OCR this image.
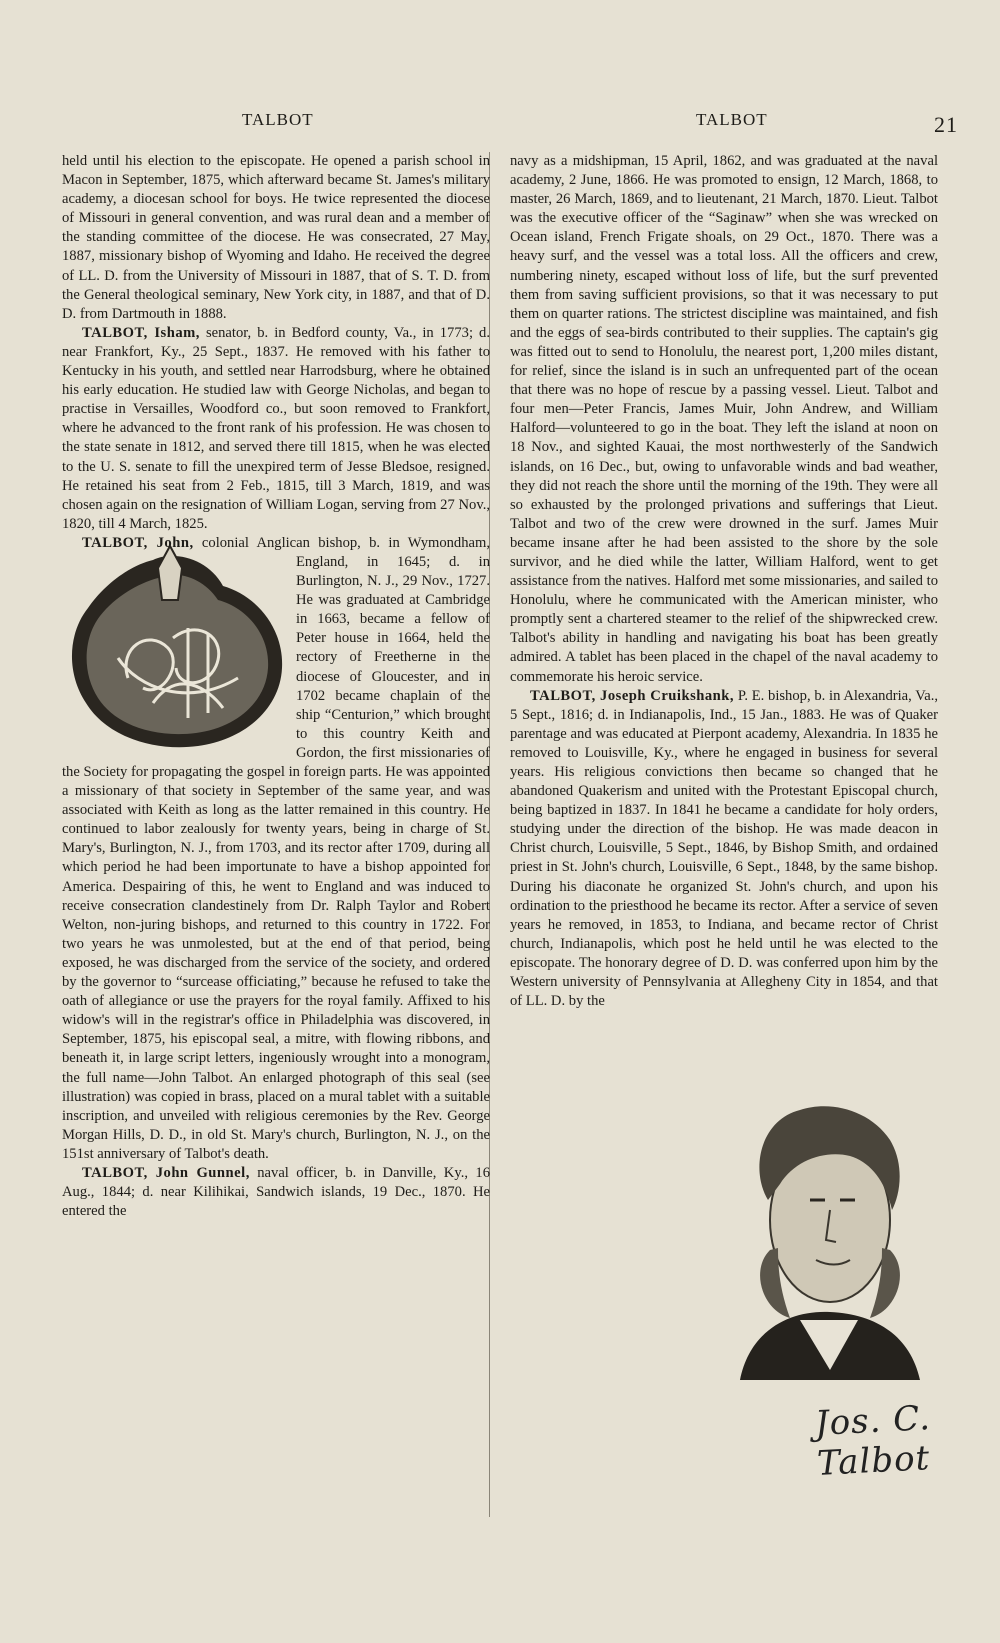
TALBOT	TALBOT	21

held until his election to the episcopate. He opened a parish school in Macon in September, 1875, which afterward became St. James's military academy, a diocesan school for boys. He twice represented the diocese of Missouri in general convention, and was rural dean and a member of the standing committee of the diocese. He was consecrated, 27 May, 1887, missionary bishop of Wyoming and Idaho. He received the degree of LL. D. from the University of Missouri in 1887, that of S. T. D. from the General theological seminary, New York city, in 1887, and that of D. D. from Dartmouth in 1888.

TALBOT, Isham, senator, b. in Bedford county, Va., in 1773; d. near Frankfort, Ky., 25 Sept., 1837. He removed with his father to Kentucky in his youth, and settled near Harrodsburg, where he obtained his early education. He studied law with George Nicholas, and began to practise in Versailles, Woodford co., but soon removed to Frankfort, where he advanced to the front rank of his profession. He was chosen to the state senate in 1812, and served there till 1815, when he was elected to the U. S. senate to fill the unexpired term of Jesse Bledsoe, resigned. He retained his seat from 2 Feb., 1815, till 3 March, 1819, and was chosen again on the resignation of William Logan, serving from 27 Nov., 1820, till 4 March, 1825.

TALBOT, John,
colonial Anglican bishop, b. in Wymondham, England, in 1645; d. in Burlington, N. J., 29 Nov., 1727. He was graduated at Cambridge in 1663, became a fellow of Peter house in 1664, held the rectory of Freetherne in the diocese of Gloucester, and in 1702 became chaplain of the ship “Centurion,” which brought to this country Keith and Gordon, the first missionaries of the Society for propagating the gospel in foreign parts. He was appointed a missionary of that society in September of the same year, and was associated with Keith as long as the latter remained in this country. He continued to labor zealously for twenty years, being in charge of St. Mary's, Burlington, N. J., from 1703, and its rector after 1709, during all which period he had been importunate to have a bishop appointed for America. Despairing of this, he went to England and was induced to receive consecration clandestinely from Dr. Ralph Taylor and Robert Welton, non-juring bishops, and returned to this country in 1722. For two years he was unmolested, but at the end of that period, being exposed, he was discharged from the service of the society, and ordered by the governor to “surcease officiating,” because he refused to take the oath of allegiance or use the prayers for the royal family. Affixed to his widow's will in the registrar's office in Philadelphia was discovered, in September, 1875, his episcopal seal, a mitre, with flowing ribbons, and beneath it, in large script letters, ingeniously wrought into a monogram, the full name—John Talbot. An enlarged photograph of this seal (see illustration) was copied in brass, placed on a mural tablet with a suitable inscription, and unveiled with religious ceremonies by the Rev. George Morgan Hills, D. D., in old St. Mary's church, Burlington, N. J., on the 151st anniversary of Talbot's death.

TALBOT, John Gunnel, naval officer, b. in Danville, Ky., 16 Aug., 1844; d. near Kilihikai, Sandwich islands, 19 Dec., 1870. He entered the

navy as a midshipman, 15 April, 1862, and was graduated at the naval academy, 2 June, 1866. He was promoted to ensign, 12 March, 1868, to master, 26 March, 1869, and to lieutenant, 21 March, 1870. Lieut. Talbot was the executive officer of the “Saginaw” when she was wrecked on Ocean island, French Frigate shoals, on 29 Oct., 1870. There was a heavy surf, and the vessel was a total loss. All the officers and crew, numbering ninety, escaped without loss of life, but the surf prevented them from saving sufficient provisions, so that it was necessary to put them on quarter rations. The strictest discipline was maintained, and fish and the eggs of sea-birds contributed to their supplies. The captain's gig was fitted out to send to Honolulu, the nearest port, 1,200 miles distant, for relief, since the island is in such an unfrequented part of the ocean that there was no hope of rescue by a passing vessel. Lieut. Talbot and four men—Peter Francis, James Muir, John Andrew, and William Halford—volunteered to go in the boat. They left the island at noon on 18 Nov., and sighted Kauai, the most northwesterly of the Sandwich islands, on 16 Dec., but, owing to unfavorable winds and bad weather, they did not reach the shore until the morning of the 19th. They were all so exhausted by the prolonged privations and sufferings that Lieut. Talbot and two of the crew were drowned in the surf. James Muir became insane after he had been assisted to the shore by the sole survivor, and he died while the latter, William Halford, went to get assistance from the natives. Halford met some missionaries, and sailed to Honolulu, where he communicated with the American minister, who promptly sent a chartered steamer to the relief of the shipwrecked crew. Talbot's ability in handling and navigating his boat has been greatly admired. A tablet has been placed in the chapel of the naval academy to commemorate his heroic service.

TALBOT, Joseph Cruikshank, P. E. bishop, b. in Alexandria, Va., 5 Sept., 1816; d. in Indianapolis, Ind., 15 Jan., 1883. He was of Quaker parentage and was educated at Pierpont academy, Alexandria. In 1835 he removed to Louisville, Ky., where he engaged in business for several years. His religious convictions then became so changed that he abandoned Quakerism and united with the Protestant Episcopal church, being baptized in 1837. In 1841 he became a candidate for holy orders, studying under the direction of the bishop. He was made deacon in Christ church, Louisville, 5 Sept., 1846, by Bishop Smith, and ordained priest in St. John's church, Louisville, 6 Sept., 1848, by the same bishop. During his diaconate he organized St. John's church, and upon his ordination to the priesthood he became its rector. After a service of seven years he removed, in 1853, to Indiana, and became rector of Christ church, Indianapolis, which post he held until he was elected to the episcopate. The honorary degree of D. D. was conferred upon him by the Western university of Pennsylvania at Allegheny City in 1854, and that of LL. D. by the

Jos. C. Talbot
